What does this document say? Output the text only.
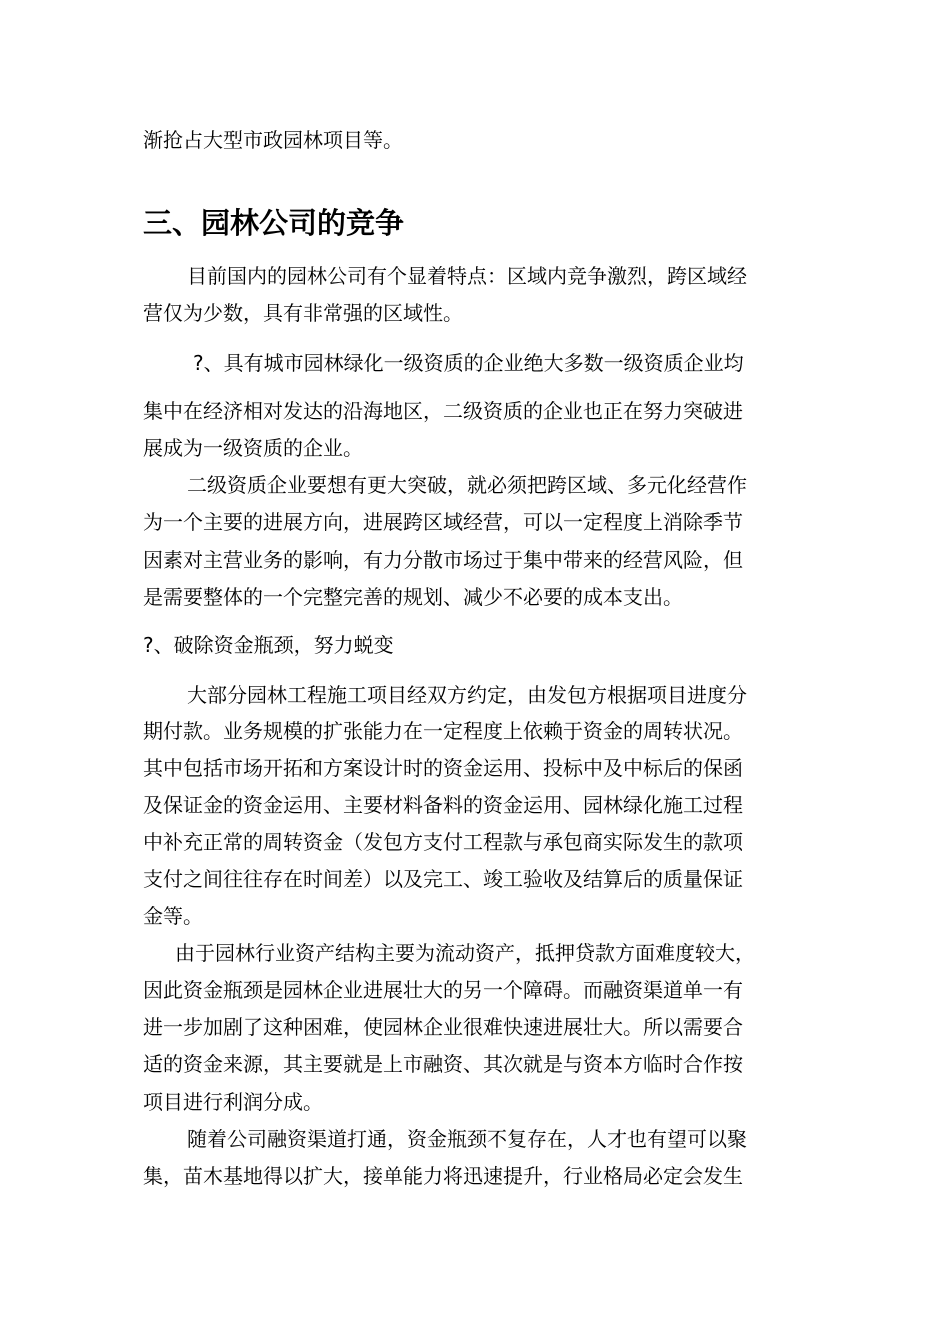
渐抢占大型市政园林项目等。
三、园林公司的竞争
目前国内的园林公司有个显着特点：区域内竞争激烈，跨区域经
营仅为少数，具有非常强的区域性。
?、具有城市园林绿化一级资质的企业绝大多数一级资质企业均
集中在经济相对发达的沿海地区，二级资质的企业也正在努力突破进
展成为一级资质的企业。
二级资质企业要想有更大突破，就必须把跨区域、多元化经营作
为一个主要的进展方向，进展跨区域经营，可以一定程度上消除季节
因素对主营业务的影响，有力分散市场过于集中带来的经营风险，但
是需要整体的一个完整完善的规划、减少不必要的成本支出。
?、破除资金瓶颈，努力蜕变
大部分园林工程施工项目经双方约定，由发包方根据项目进度分
期付款。业务规模的扩张能力在一定程度上依赖于资金的周转状况。
其中包括市场开拓和方案设计时的资金运用、投标中及中标后的保函
及保证金的资金运用、主要材料备料的资金运用、园林绿化施工过程
中补充正常的周转资金（发包方支付工程款与承包商实际发生的款项
支付之间往往存在时间差）以及完工、竣工验收及结算后的质量保证
金等。
由于园林行业资产结构主要为流动资产，抵押贷款方面难度较大，
因此资金瓶颈是园林企业进展壮大的另一个障碍。而融资渠道单一有
进一步加剧了这种困难，使园林企业很难快速进展壮大。所以需要合
适的资金来源，其主要就是上市融资、其次就是与资本方临时合作按
项目进行利润分成。
随着公司融资渠道打通，资金瓶颈不复存在，人才也有望可以聚
集，苗木基地得以扩大，接单能力将迅速提升，行业格局必定会发生
